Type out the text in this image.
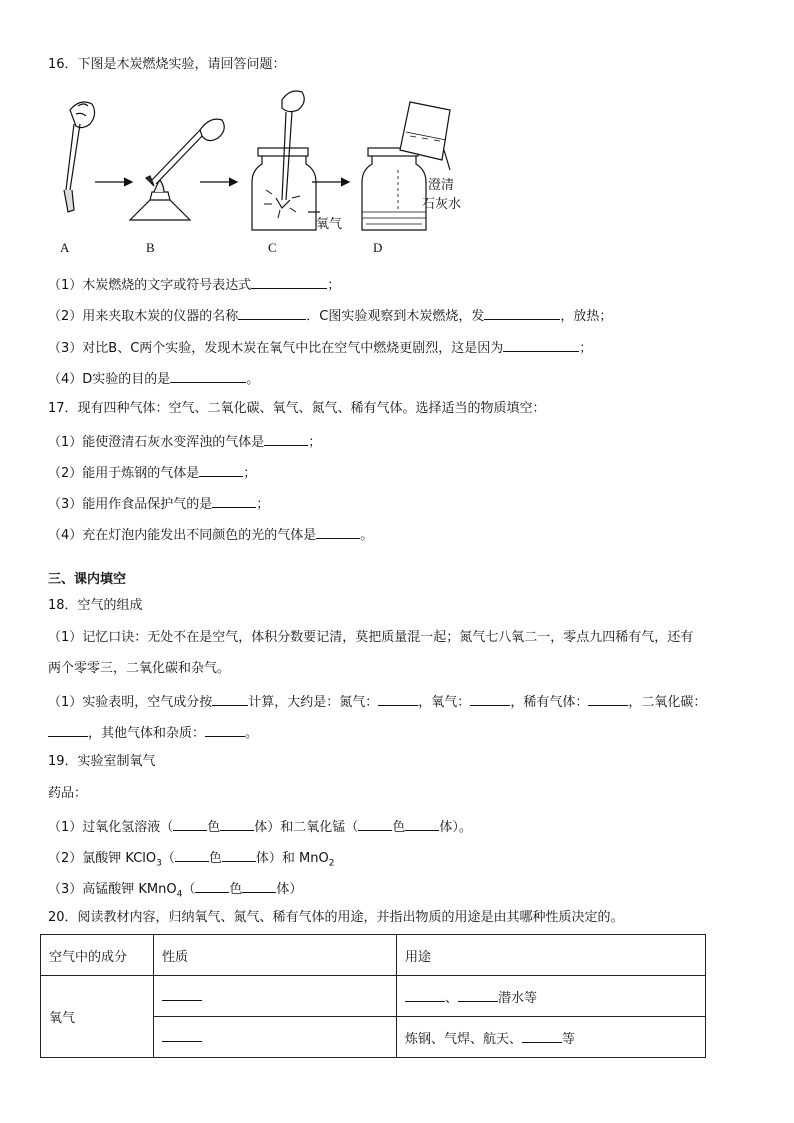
16．下图是木炭燃烧实验，请回答问题：
A	B	C	D
氧气
澄清
石灰水
（1）木炭燃烧的文字或符号表达式	；
（2）用来夹取木炭的仪器的名称	．C图实验观察到木炭燃烧，发	，放热；
（3）对比B、C两个实验，发现木炭在氧气中比在空气中燃烧更剧烈，这是因为	；
（4）D实验的目的是	。
17．现有四种气体：空气、二氧化碳、氧气、氮气、稀有气体。选择适当的物质填空：
（1）能使澄清石灰水变浑浊的气体是	；
（2）能用于炼钢的气体是	；
（3）能用作食品保护气的是	；
（4）充在灯泡内能发出不同颜色的光的气体是	。
三、课内填空
18．空气的组成
（1）记忆口诀：无处不在是空气，体积分数要记清，莫把质量混一起；氮气七八氧二一，零点九四稀有气，还有
两个零零三，二氧化碳和杂气。
（1）实验表明，空气成分按	计算，大约是：氮气：	，氧气：	，稀有气体：	，二氧化碳：
，其他气体和杂质：	。
19．实验室制氧气
药品：
（1）过氧化氢溶液（	色	体）和二氧化锰（	色	体）。
（2）氯酸钾 KClO$_3$（	色	体）和 MnO$_2$
（3）高锰酸钾 KMnO$_4$（	色	体）
20．阅读教材内容，归纳氧气、氮气、稀有气体的用途，并指出物质的用途是由其哪种性质决定的。
空气中的成分	性质	用途
氧气		、 潜水等
		炼钢、气焊、航天、 等
